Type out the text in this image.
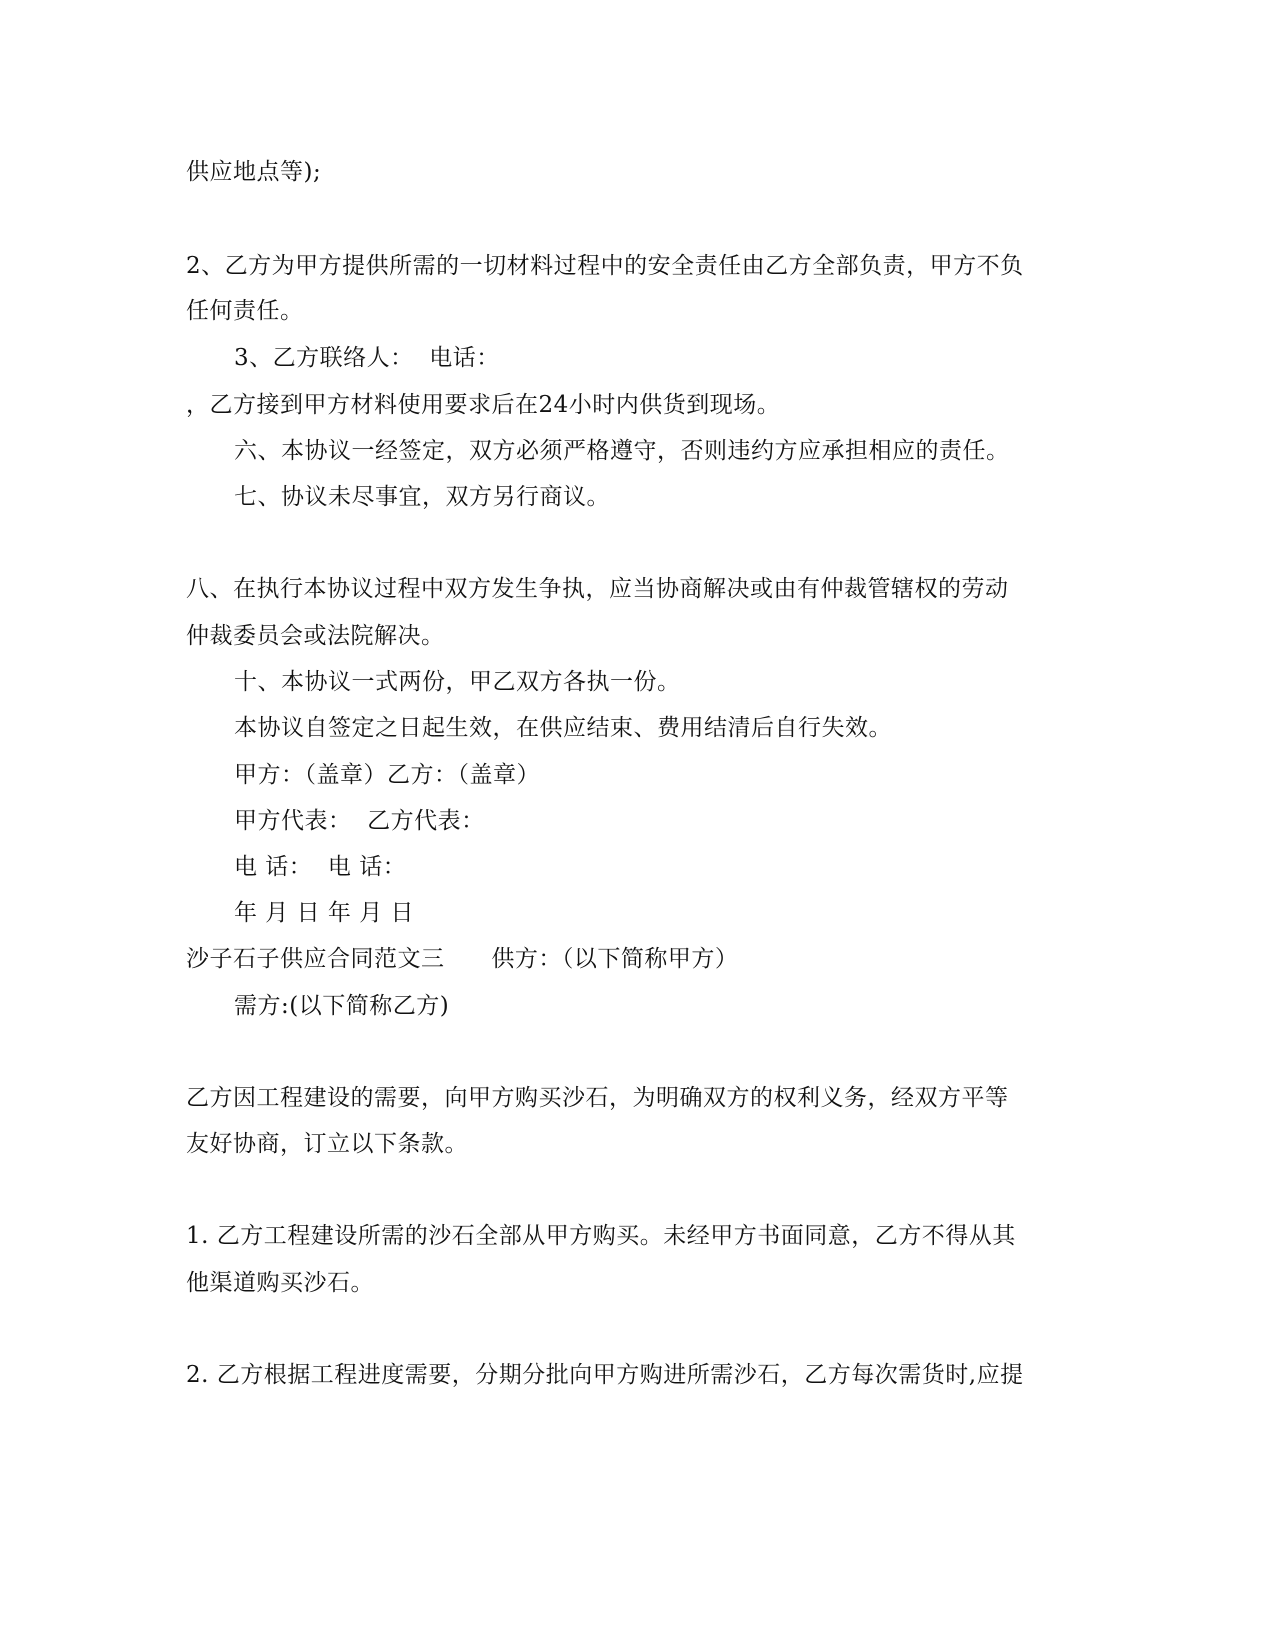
供应地点等);
2、乙方为甲方提供所需的一切材料过程中的安全责任由乙方全部负责，甲方不负
任何责任。
3、乙方联络人：  电话：
，乙方接到甲方材料使用要求后在24小时内供货到现场。
六、本协议一经签定，双方必须严格遵守，否则违约方应承担相应的责任。
七、协议未尽事宜，双方另行商议。
八、在执行本协议过程中双方发生争执，应当协商解决或由有仲裁管辖权的劳动
仲裁委员会或法院解决。
十、本协议一式两份，甲乙双方各执一份。
本协议自签定之日起生效，在供应结束、费用结清后自行失效。
甲方：（盖章）乙方：（盖章）
甲方代表：  乙方代表：
电 话：  电 话：
年 月 日 年 月 日
沙子石子供应合同范文三      供方：（以下简称甲方）
需方:(以下简称乙方)
乙方因工程建设的需要，向甲方购买沙石，为明确双方的权利义务，经双方平等
友好协商，订立以下条款。
1. 乙方工程建设所需的沙石全部从甲方购买。未经甲方书面同意，乙方不得从其
他渠道购买沙石。
2. 乙方根据工程进度需要，分期分批向甲方购进所需沙石，乙方每次需货时,应提
